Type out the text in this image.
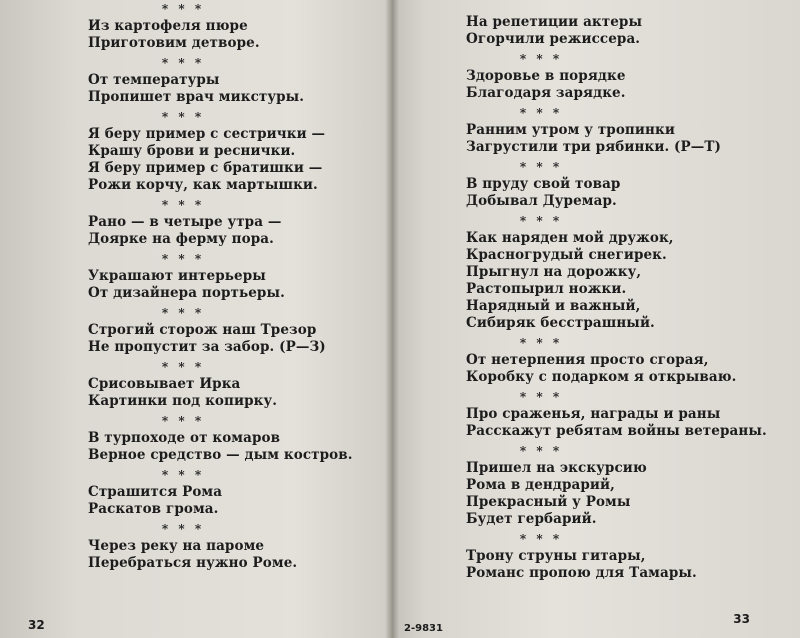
* * *
Из картофеля пюре
Приготовим детворе.
* * *
От температуры
Пропишет врач микстуры.
* * *
Я беру пример с сестрички —
Крашу брови и реснички.
Я беру пример с братишки —
Рожи корчу, как мартышки.
* * *
Рано — в четыре утра —
Доярке на ферму пора.
* * *
Украшают интерьеры
От дизайнера портьеры.
* * *
Строгий сторож наш Трезор
Не пропустит за забор. (Р—З)
* * *
Срисовывает Ирка
Картинки под копирку.
* * *
В турпоходе от комаров
Верное средство — дым костров.
* * *
Страшится Рома
Раскатов грома.
* * *
Через реку на пароме
Перебраться нужно Роме.
32
На репетиции актеры
Огорчили режиссера.
* * *
Здоровье в порядке
Благодаря зарядке.
* * *
Ранним утром у тропинки
Загрустили три рябинки. (Р—Т)
* * *
В пруду свой товар
Добывал Дуремар.
* * *
Как наряден мой дружок,
Красногрудый снегирек.
Прыгнул на дорожку,
Растопырил ножки.
Нарядный и важный,
Сибиряк бесстрашный.
* * *
От нетерпения просто сгорая,
Коробку с подарком я открываю.
* * *
Про сраженья, награды и раны
Расскажут ребятам войны ветераны.
* * *
Пришел на экскурсию
Рома в дендрарий,
Прекрасный у Ромы
Будет гербарий.
* * *
Трону струны гитары,
Романс пропою для Тамары.
33
2-9831
